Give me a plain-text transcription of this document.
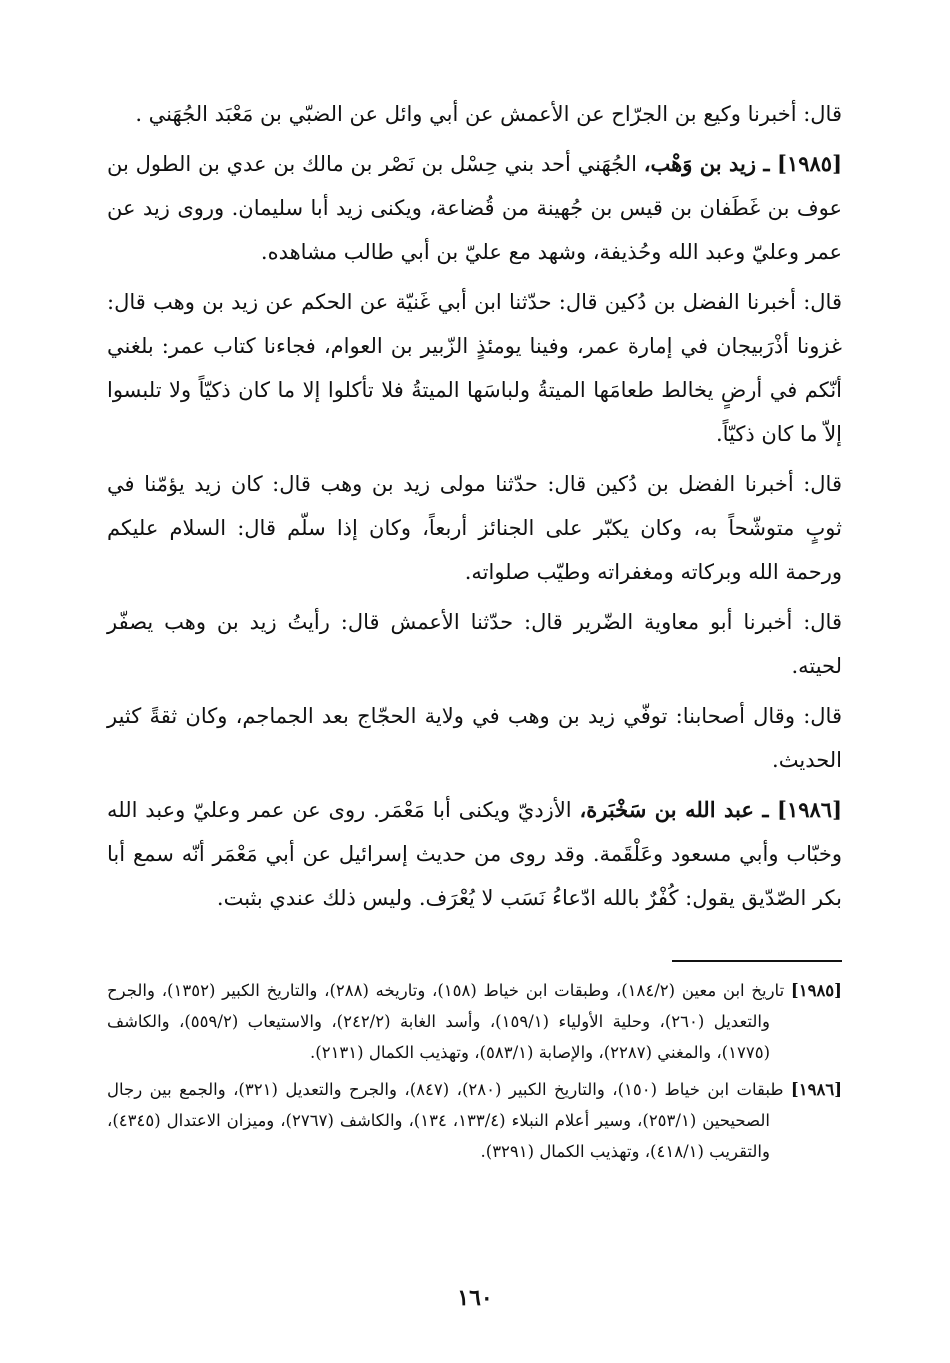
قال: أخبرنا وكيع بن الجرّاح عن الأعمش عن أبي وائل عن الضبّي بن مَعْبَد الجُهَني .

[١٩٨٥] ـ زيد بن وَهْب، الجُهَني أحد بني حِسْل بن نَصْر بن مالك بن عدي بن الطول بن عوف بن غَطَفان بن قيس بن جُهينة من قُضاعة، ويكنى زيد أبا سليمان. وروى زيد عن عمر وعليّ وعبد الله وحُذيفة، وشهد مع عليّ بن أبي طالب مشاهده.

قال: أخبرنا الفضل بن دُكين قال: حدّثنا ابن أبي غَنيّة عن الحكم عن زيد بن وهب قال: غزونا أذْرَبيجان في إمارة عمر، وفينا يومئذٍ الزّبير بن العوام، فجاءنا كتاب عمر: بلغني أنّكم في أرضٍ يخالط طعامَها الميتةُ ولباسَها الميتةُ فلا تأكلوا إلا ما كان ذكيّاً ولا تلبسوا إلاّ ما كان ذكيّاً.

قال: أخبرنا الفضل بن دُكين قال: حدّثنا مولى زيد بن وهب قال: كان زيد يؤمّنا في ثوبٍ متوشّحاً به، وكان يكبّر على الجنائز أربعاً، وكان إذا سلّم قال: السلام عليكم ورحمة الله وبركاته ومغفراته وطيّب صلواته.

قال: أخبرنا أبو معاوية الضّرير قال: حدّثنا الأعمش قال: رأيتُ زيد بن وهب يصفّر لحيته.

قال: وقال أصحابنا: توفّي زيد بن وهب في ولاية الحجّاج بعد الجماجم، وكان ثقةً كثير الحديث.

[١٩٨٦] ـ عبد الله بن سَخْبَرة، الأزديّ ويكنى أبا مَعْمَر. روى عن عمر وعليّ وعبد الله وخبّاب وأبي مسعود وعَلْقَمة. وقد روى من حديث إسرائيل عن أبي مَعْمَر أنّه سمع أبا بكر الصّدّيق يقول: كُفْرٌ بالله ادّعاءُ نَسَب لا يُعْرَف. وليس ذلك عندي بثبت.

[١٩٨٥] تاريخ ابن معين (١٨٤/٢)، وطبقات ابن خياط (١٥٨)، وتاريخه (٢٨٨)، والتاريخ الكبير (١٣٥٢)، والجرح والتعديل (٢٦٠)، وحلية الأولياء (١٥٩/١)، وأسد الغابة (٢٤٢/٢)، والاستيعاب (٥٥٩/٢)، والكاشف (١٧٧٥)، والمغني (٢٢٨٧)، والإصابة (٥٨٣/١)، وتهذيب الكمال (٢١٣١).

[١٩٨٦] طبقات ابن خياط (١٥٠)، والتاريخ الكبير (٢٨٠)، (٨٤٧)، والجرح والتعديل (٣٢١)، والجمع بين رجال الصحيحين (٢٥٣/١)، وسير أعلام النبلاء (١٣٣/٤، ١٣٤)، والكاشف (٢٧٦٧)، وميزان الاعتدال (٤٣٤٥)، والتقريب (٤١٨/١)، وتهذيب الكمال (٣٢٩١).

١٦٠
